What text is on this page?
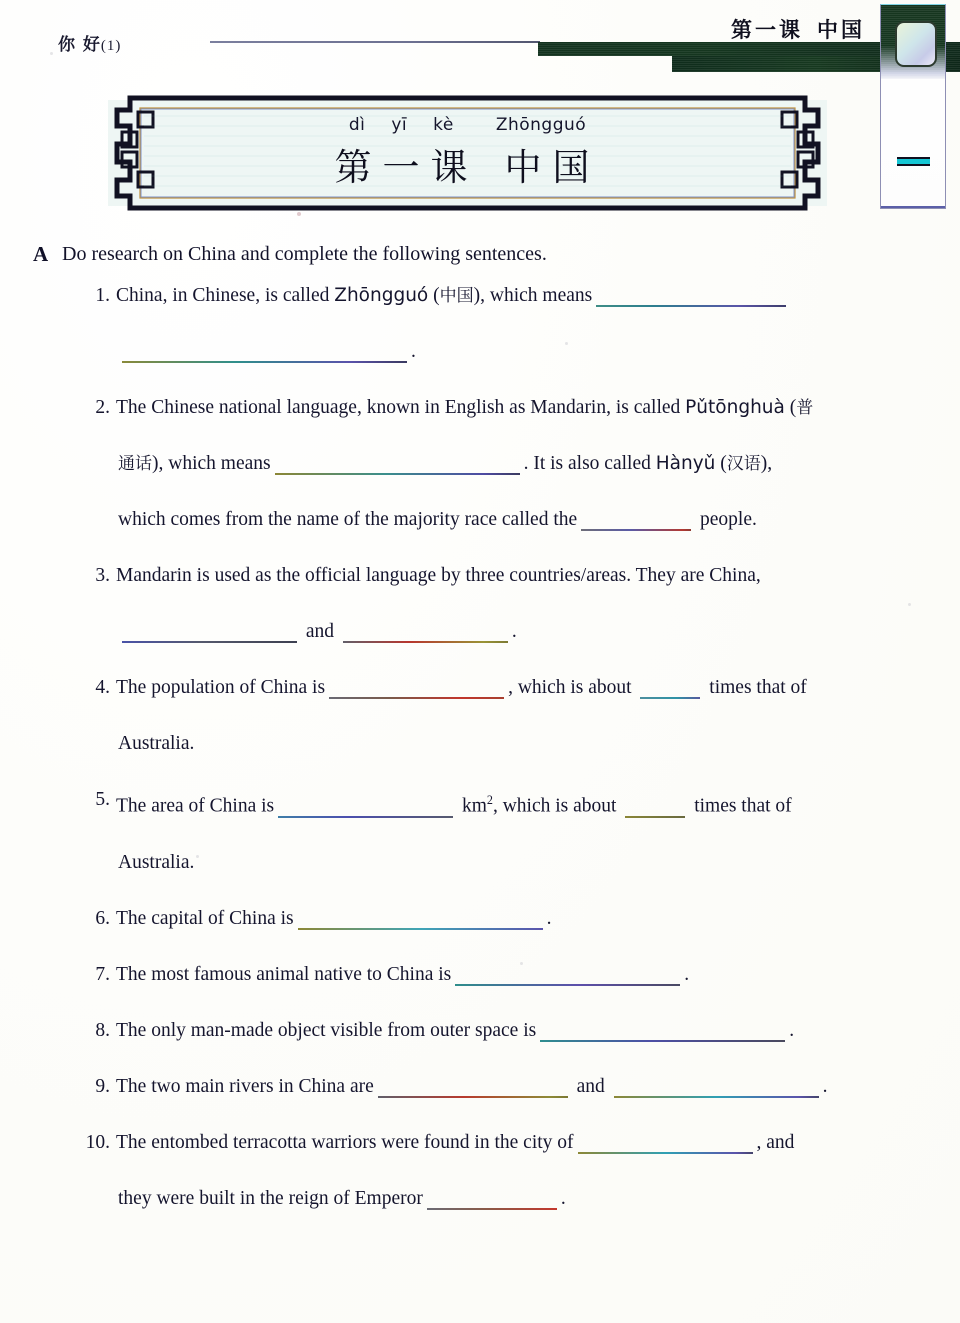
你 好(1)
第一课 中国
dì yī kè Zhōngguó
第一课 中国
A Do research on China and complete the following sentences.
1. China, in Chinese, is called Zhōngguó (中国), which means
.
2. The Chinese national language, known in English as Mandarin, is called Pǔtōnghuà (普
通话), which means	. It is also called Hànyǔ (汉语),
which comes from the name of the majority race called the	people.
3. Mandarin is used as the official language by three countries/areas. They are China,
and	.
4. The population of China is	, which is about	times that of
Australia.
5. The area of China is	$km^2$, which is about	times that of
Australia.
6. The capital of China is	.
7. The most famous animal native to China is	.
8. The only man-made object visible from outer space is	.
9. The two main rivers in China are	and	.
10. The entombed terracotta warriors were found in the city of	, and
they were built in the reign of Emperor	.
